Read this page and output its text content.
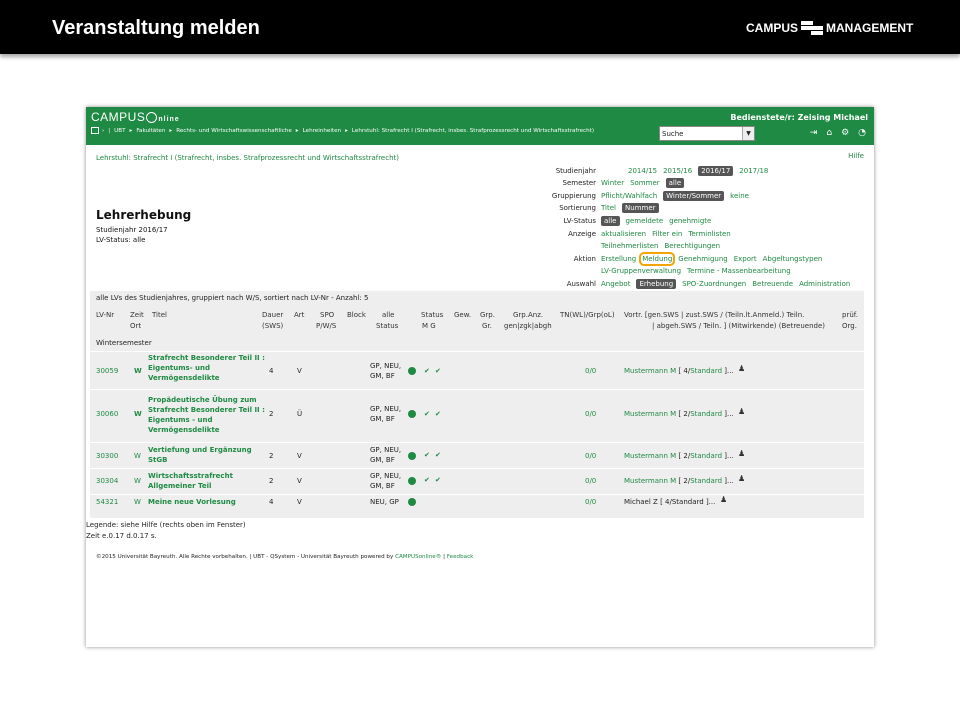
Veranstaltung melden	CAMPUS MANAGEMENT
CAMPUS nline	Bedienstete/r: Zeising Michael
› | UBT ▸ Fakultäten ▸ Rechts- und Wirtschaftswissenschaftliche ▸ Lehreinheiten ▸ Lehrstuhl: Strafrecht I (Strafrecht, insbes. Strafprozessrecht und Wirtschaftsstrafrecht)	Suche	▼	⇥ ⌂ ⚙ ◔
Lehrstuhl: Strafrecht I (Strafrecht, insbes. Strafprozessrecht und Wirtschaftsstrafrecht)	Hilfe
Lehrerhebung
Studienjahr 2016/17
LV-Status: alle
Studienjahr	2014/15 2015/16	2016/17	2017/18
Semester Winter Sommer	alle
Gruppierung Pflicht/Wahlfach	Winter/Sommer	keine
Sortierung Titel	Nummer
LV-Status	alle	gemeldete genehmigte
Anzeige aktualisieren Filter ein Terminlisten
Teilnehmerlisten Berechtigungen
Aktion Erstellung Meldung Genehmigung Export Abgeltungstypen
LV-Gruppenverwaltung Termine - Massenbearbeitung
Auswahl Angebot	Erhebung	SPO-Zuordnungen Betreuende Administration
alle LVs des Studienjahres, gruppiert nach W/S, sortiert nach LV-Nr - Anzahl: 5
LV-Nr Zeit
Ort
Titel	Dauer
(SWS)
Art SPO
P/W/S
Block alle
Status
Status
M G
Gew. Grp.
Gr.
Grp.Anz.
gen|zgk|abgh
TN(WL)/Grp(oL) Vortr. [gen.SWS | zust.SWS / (Teiln.lt.Anmeld.) Teiln.
| abgeh.SWS / Teiln. ] (Mitwirkende) (Betreuende)
prüf.
Org.
Wintersemester
30059 W
Strafrecht Besonderer Teil II :
Eigentums- und
Vermögensdelikte
4	V
GP, NEU,
GM, BF
✔ ✔	0/0	Mustermann M [ 4/Standard ]... ♟
30060 W
Propädeutische Übung zum
Strafrecht Besonderer Teil II :
Eigentums - und
Vermögensdelikte
2	Ü
GP, NEU,
GM, BF
✔ ✔	0/0	Mustermann M [ 2/Standard ]... ♟
30300 W
Vertiefung und Ergänzung
StGB	2	V
GP, NEU,
GM, BF
✔ ✔	0/0	Mustermann M [ 2/Standard ]... ♟
30304 W
Wirtschaftsstrafrecht
Allgemeiner Teil
2	V
GP, NEU,
GM, BF
✔ ✔	0/0	Mustermann M [ 2/Standard ]... ♟
54321 W Meine neue Vorlesung	4	V	NEU, GP	0/0	Michael Z [ 4/Standard ]... ♟
Legende: siehe Hilfe (rechts oben im Fenster)
Zeit e.0.17 d.0.17 s.
©2015 Universität Bayreuth. Alle Rechte vorbehalten. | UBT - QSystem - Universität Bayreuth powered by CAMPUSonline® | Feedback
